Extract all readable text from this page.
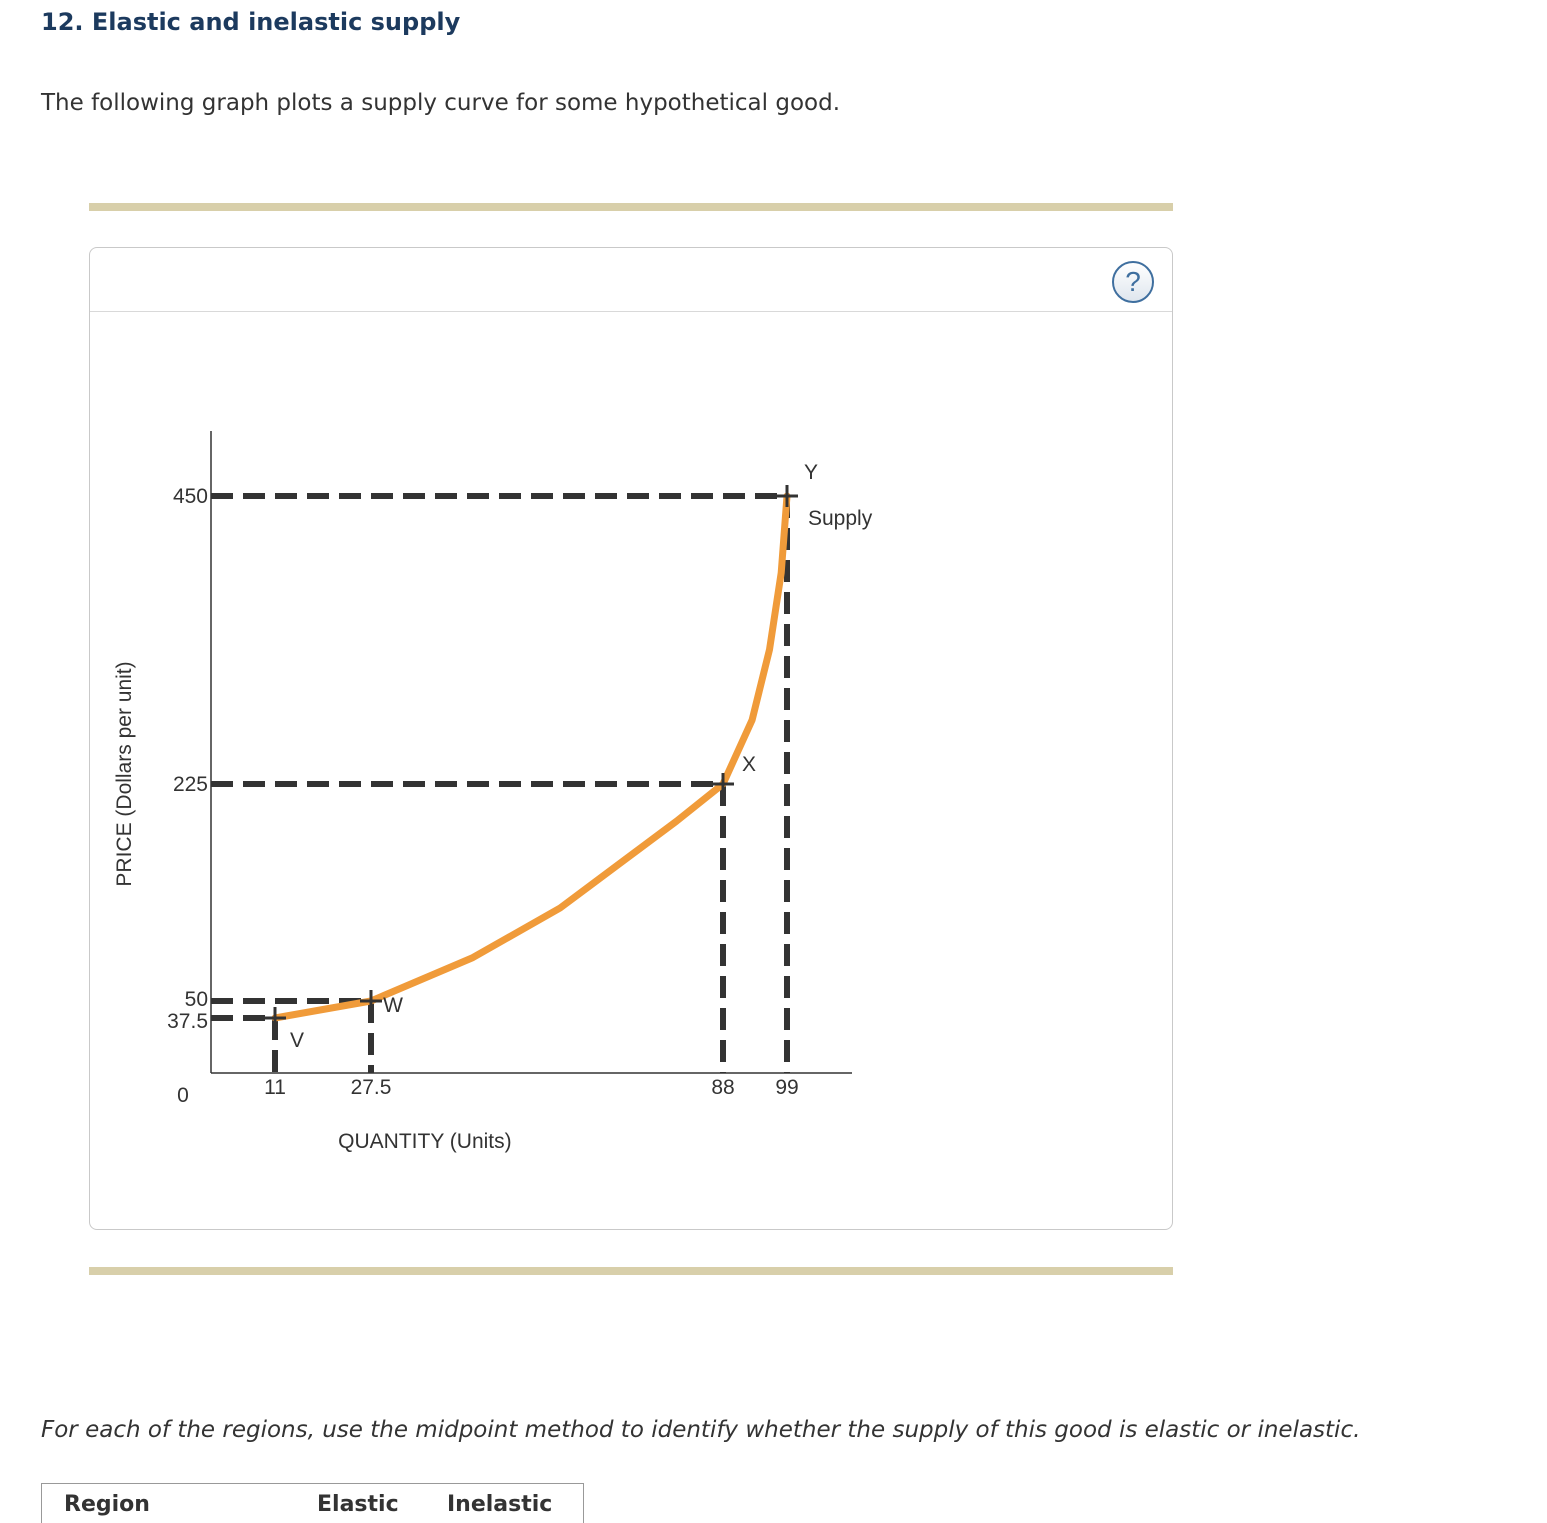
12. Elastic and inelastic supply

The following graph plots a supply curve for some hypothetical good.

?
V
W
X
Y
37.5
50
225
450
11	27.5	88 99
0
QUANTITY (Units)
PRICE (Dollars per unit)
Supply

For each of the regions, use the midpoint method to identify whether the supply of this good is elastic or inelastic.

Region	Elastic	Inelastic
